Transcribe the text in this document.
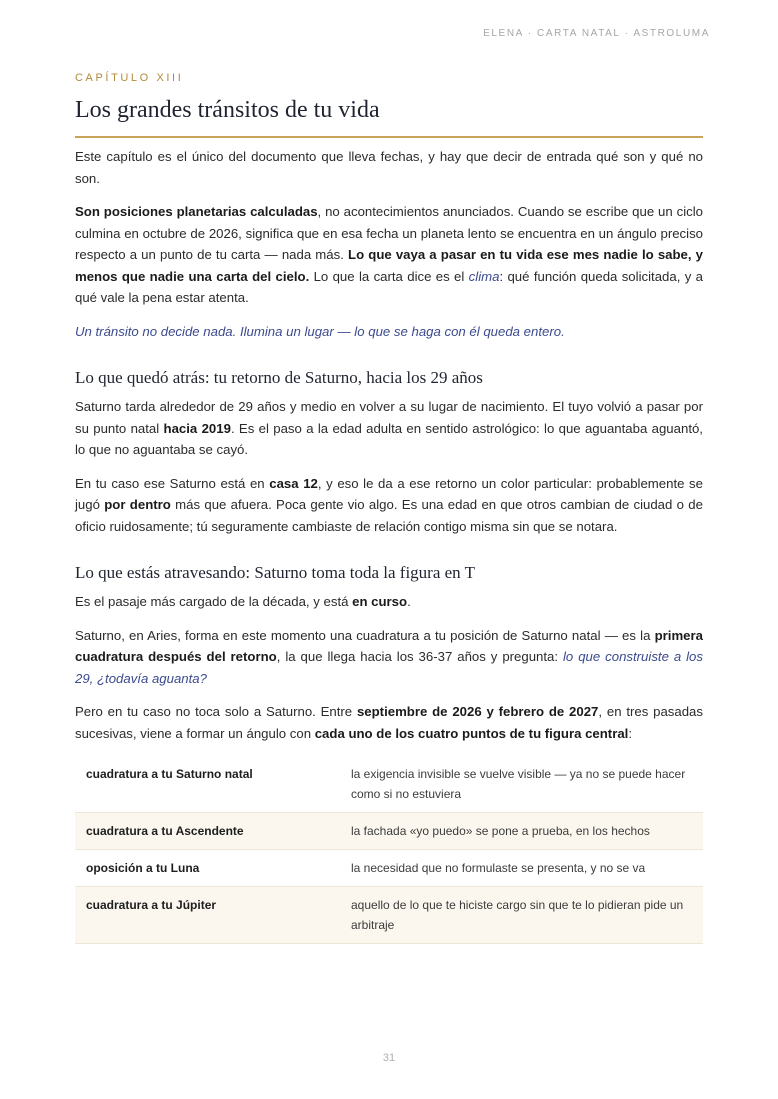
ELENA · CARTA NATAL · ASTROLUMA
CAPÍTULO XIII
Los grandes tránsitos de tu vida

Este capítulo es el único del documento que lleva fechas, y hay que decir de entrada qué son y qué no son.

Son posiciones planetarias calculadas, no acontecimientos anunciados. Cuando se escribe que un ciclo culmina en octubre de 2026, significa que en esa fecha un planeta lento se encuentra en un ángulo preciso respecto a un punto de tu carta — nada más. Lo que vaya a pasar en tu vida ese mes nadie lo sabe, y menos que nadie una carta del cielo. Lo que la carta dice es el clima: qué función queda solicitada, y a qué vale la pena estar atenta.

Un tránsito no decide nada. Ilumina un lugar — lo que se haga con él queda entero.

Lo que quedó atrás: tu retorno de Saturno, hacia los 29 años

Saturno tarda alrededor de 29 años y medio en volver a su lugar de nacimiento. El tuyo volvió a pasar por su punto natal hacia 2019. Es el paso a la edad adulta en sentido astrológico: lo que aguantaba aguantó, lo que no aguantaba se cayó.

En tu caso ese Saturno está en casa 12, y eso le da a ese retorno un color particular: probablemente se jugó por dentro más que afuera. Poca gente vio algo. Es una edad en que otros cambian de ciudad o de oficio ruidosamente; tú seguramente cambiaste de relación contigo misma sin que se notara.

Lo que estás atravesando: Saturno toma toda la figura en T

Es el pasaje más cargado de la década, y está en curso.

Saturno, en Aries, forma en este momento una cuadratura a tu posición de Saturno natal — es la primera cuadratura después del retorno, la que llega hacia los 36-37 años y pregunta: lo que construiste a los 29, ¿todavía aguanta?

Pero en tu caso no toca solo a Saturno. Entre septiembre de 2026 y febrero de 2027, en tres pasadas sucesivas, viene a formar un ángulo con cada uno de los cuatro puntos de tu figura central:

cuadratura a tu Saturno natal	la exigencia invisible se vuelve visible — ya no se puede hacer como si no estuviera
cuadratura a tu Ascendente	la fachada «yo puedo» se pone a prueba, en los hechos
oposición a tu Luna	la necesidad que no formulaste se presenta, y no se va
cuadratura a tu Júpiter	aquello de lo que te hiciste cargo sin que te lo pidieran pide un arbitraje
31
